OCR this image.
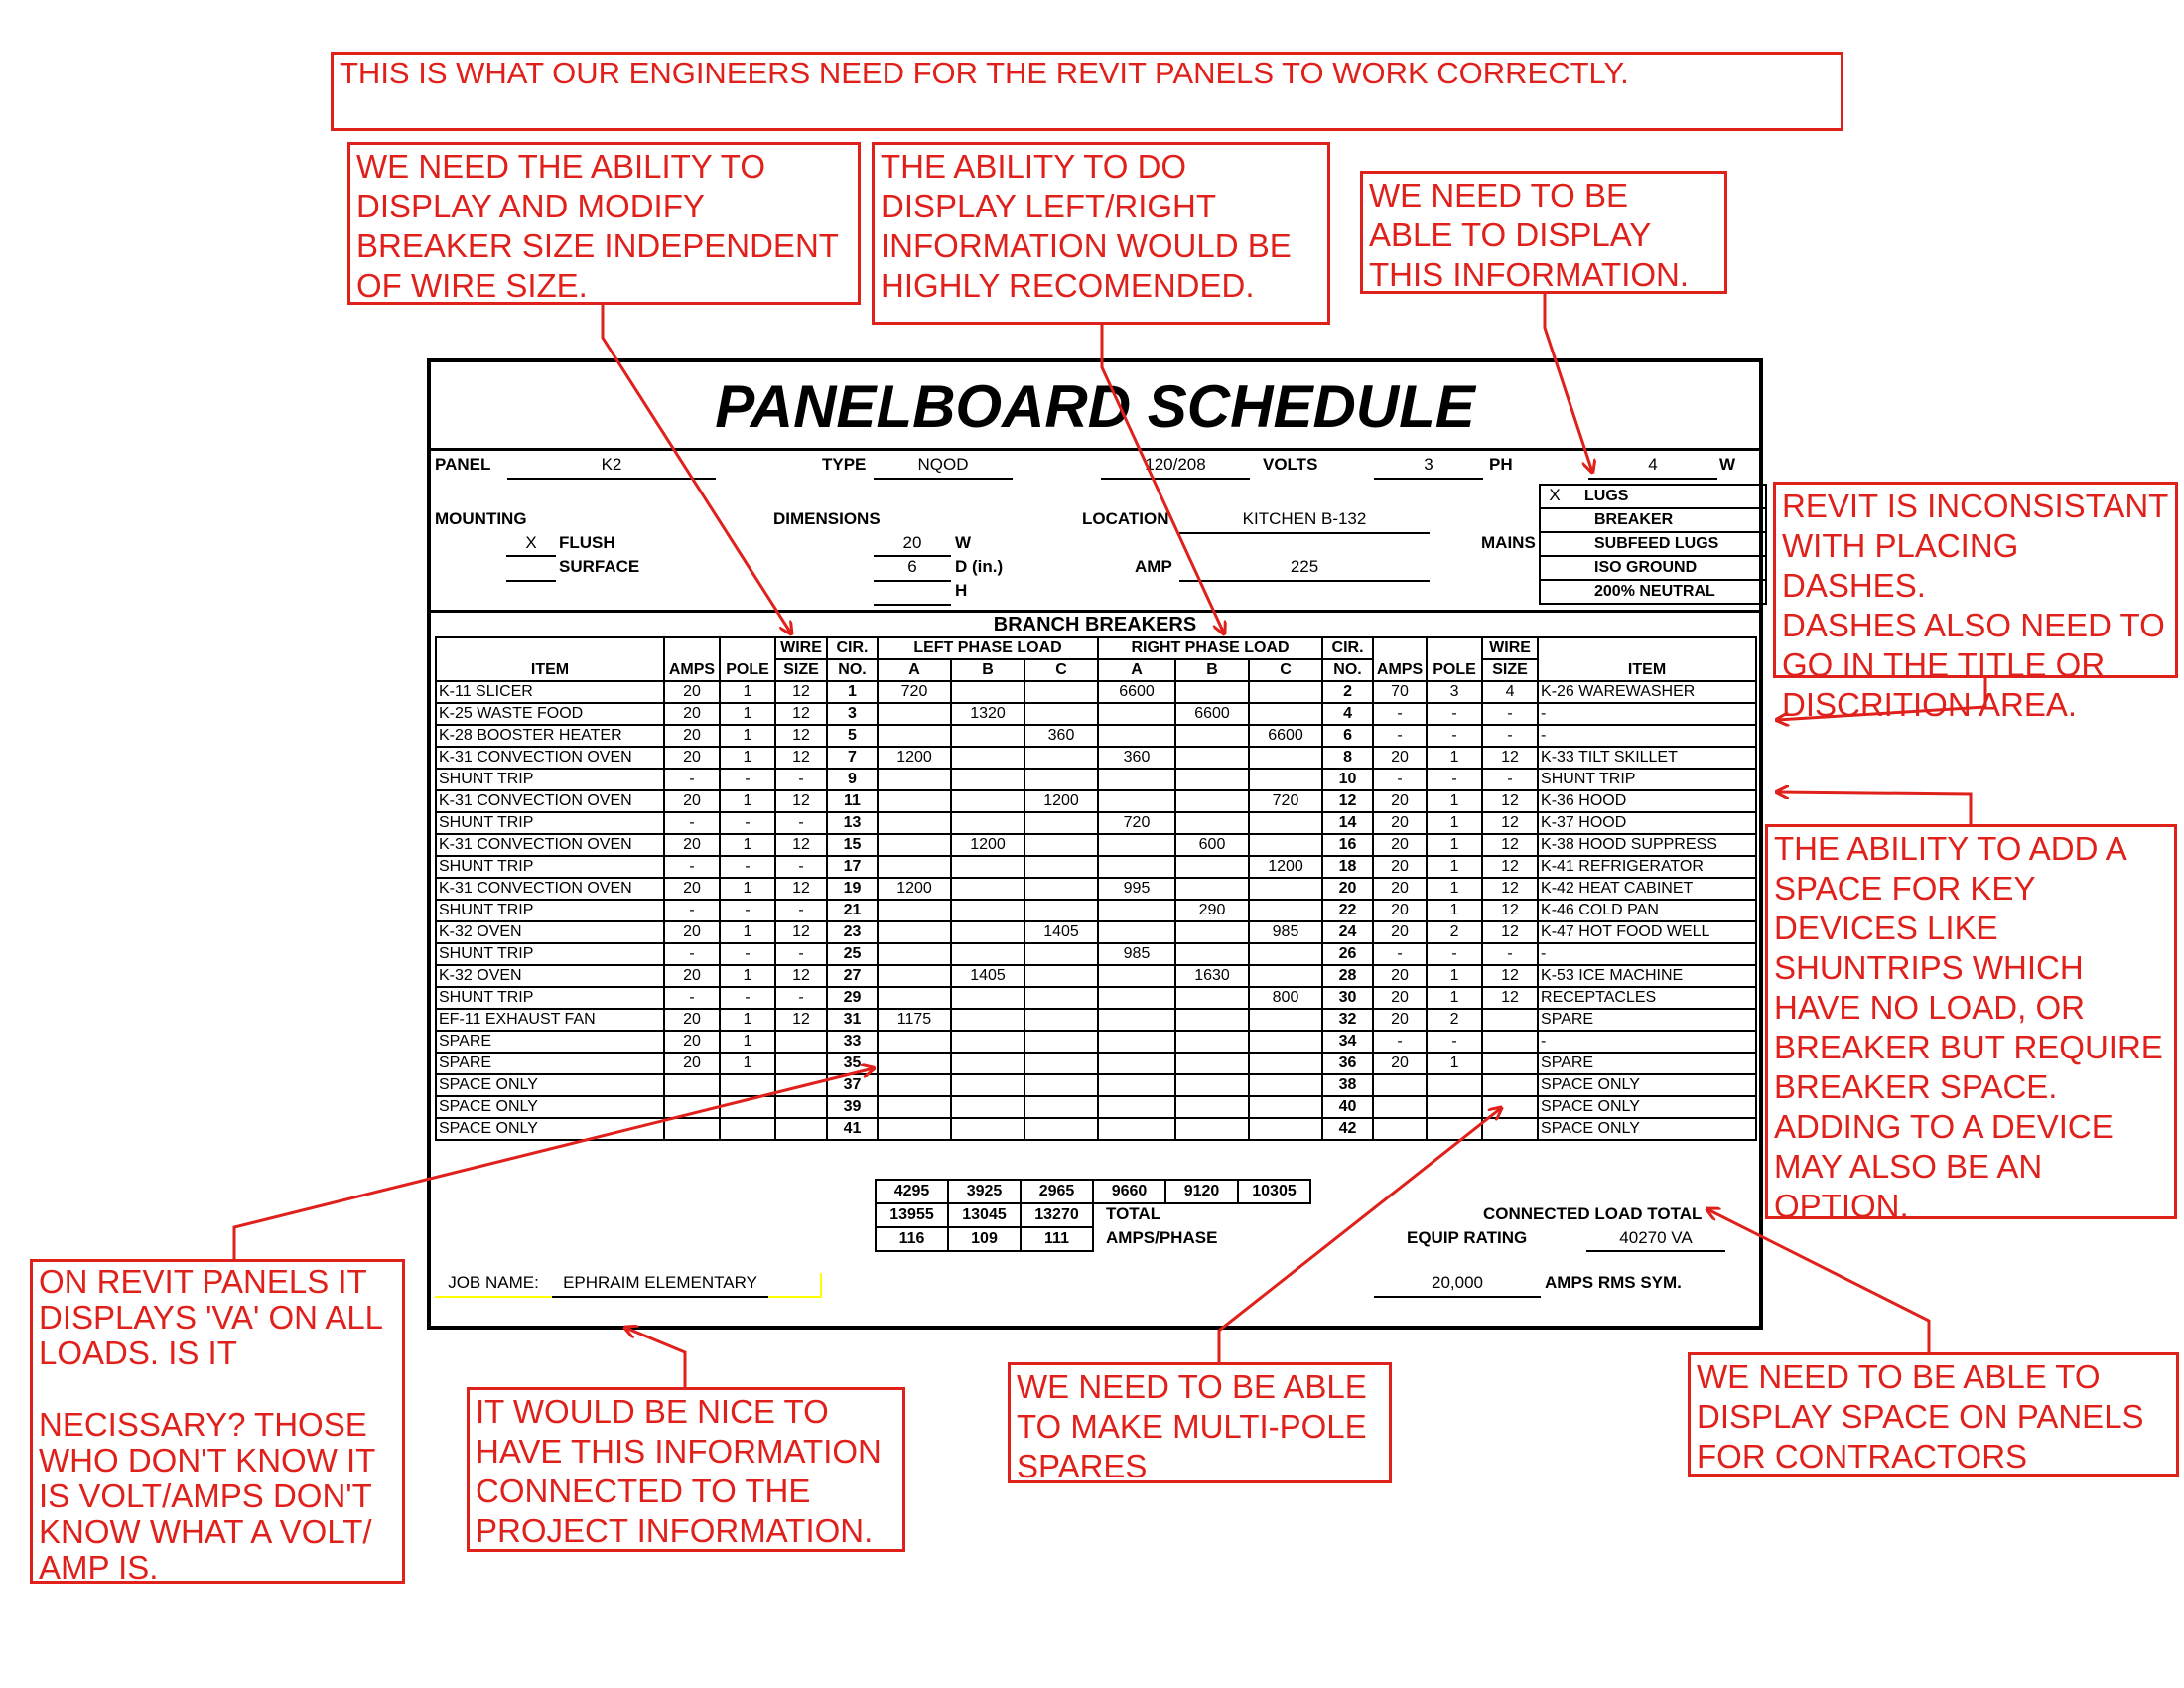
THIS IS WHAT OUR ENGINEERS NEED FOR THE REVIT PANELS TO WORK CORRECTLY.
WE NEED THE ABILITY TO
DISPLAY AND MODIFY
BREAKER SIZE INDEPENDENT
OF WIRE SIZE.
THE ABILITY TO DO
DISPLAY LEFT/RIGHT
INFORMATION WOULD BE
HIGHLY RECOMENDED.
WE NEED TO BE
ABLE TO DISPLAY
THIS INFORMATION.
REVIT IS INCONSISTANT
WITH PLACING DASHES.
DASHES ALSO NEED TO
GO IN THE TITLE OR
DISCRITION AREA.
THE ABILITY TO ADD A
SPACE FOR KEY
DEVICES LIKE
SHUNTRIPS WHICH
HAVE NO LOAD, OR
BREAKER BUT REQUIRE
BREAKER SPACE.
ADDING TO A DEVICE
MAY ALSO BE AN
OPTION.
ON REVIT PANELS IT
DISPLAYS 'VA' ON ALL
LOADS. IS IT

NECISSARY? THOSE
WHO DON'T KNOW IT
IS VOLT/AMPS DON'T
KNOW WHAT A VOLT/
AMP IS.
IT WOULD BE NICE TO
HAVE THIS INFORMATION
CONNECTED TO THE
PROJECT INFORMATION.
WE NEED TO BE ABLE
TO MAKE MULTI-POLE
SPARES
WE NEED TO BE ABLE TO
DISPLAY SPACE ON PANELS
FOR CONTRACTORS
PANELBOARD SCHEDULE
PANEL	K2	TYPE	NQOD	120/208	VOLTS	3	PH	4	W
MOUNTING
X	FLUSH
SURFACE
DIMENSIONS
20	W
6	D (in.)
H
LOCATION	KITCHEN B-132
AMP	225
MAINS
X	LUGS
BREAKER
SUBFEED LUGS
ISO GROUND
200% NEUTRAL
BRANCH BREAKERS
ITEM	AMPS	POLE	WIRE	CIR.	LEFT PHASE LOAD			RIGHT PHASE LOAD			CIR.	AMPS	POLE	WIRE	ITEM
			SIZE	NO.	A	B	C	A	B	C	NO.			SIZE	
K-11 SLICER	20	1	12	1	720			6600			2	70	3	4	K-26 WAREWASHER
K-25 WASTE FOOD	20	1	12	3		1320			6600		4	-	-	-	-
K-28 BOOSTER HEATER	20	1	12	5			360			6600	6	-	-	-	-
K-31 CONVECTION OVEN	20	1	12	7	1200			360			8	20	1	12	K-33 TILT SKILLET
SHUNT TRIP	-	-	-	9							10	-	-	-	SHUNT TRIP
K-31 CONVECTION OVEN	20	1	12	11			1200			720	12	20	1	12	K-36 HOOD
SHUNT TRIP	-	-	-	13				720			14	20	1	12	K-37 HOOD
K-31 CONVECTION OVEN	20	1	12	15		1200			600		16	20	1	12	K-38 HOOD SUPPRESS
SHUNT TRIP	-	-	-	17						1200	18	20	1	12	K-41 REFRIGERATOR
K-31 CONVECTION OVEN	20	1	12	19	1200			995			20	20	1	12	K-42 HEAT CABINET
SHUNT TRIP	-	-	-	21					290		22	20	1	12	K-46 COLD PAN
K-32 OVEN	20	1	12	23			1405			985	24	20	2	12	K-47 HOT FOOD WELL
SHUNT TRIP	-	-	-	25				985			26	-	-	-	-
K-32 OVEN	20	1	12	27		1405			1630		28	20	1	12	K-53 ICE MACHINE
SHUNT TRIP	-	-	-	29						800	30	20	1	12	RECEPTACLES
EF-11 EXHAUST FAN	20	1	12	31	1175						32	20	2		SPARE
SPARE	20	1		33							34	-	-		-
SPARE	20	1		35							36	20	1		SPARE
SPACE ONLY				37							38				SPACE ONLY
SPACE ONLY				39							40				SPACE ONLY
SPACE ONLY				41							42				SPACE ONLY
4295	3925	2965	9660	9120	10305
13955	13045	13270
116	109	111
TOTAL
AMPS/PHASE
CONNECTED LOAD TOTAL
EQUIP RATING	40270 VA
JOB NAME:	EPHRAIM ELEMENTARY	20,000	AMPS RMS SYM.
